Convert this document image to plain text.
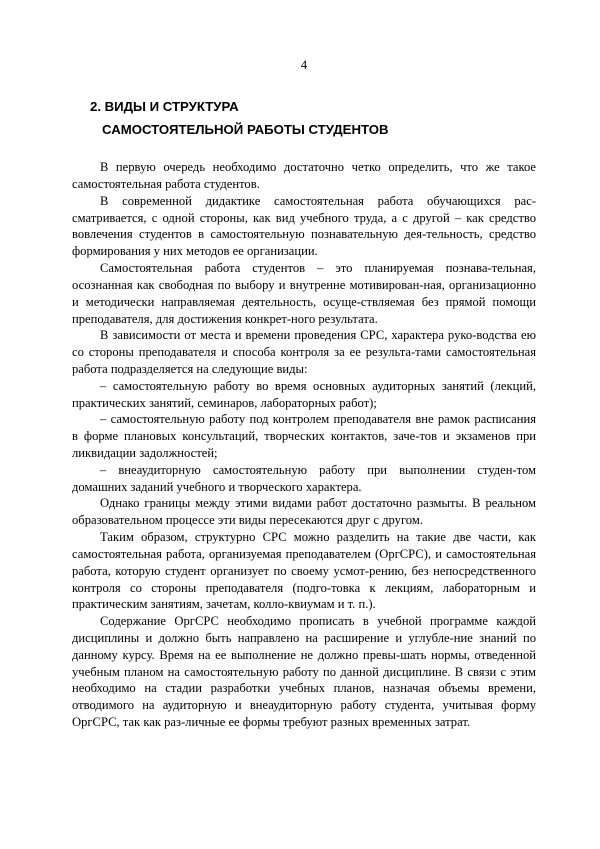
4
2. ВИДЫ И СТРУКТУРА
САМОСТОЯТЕЛЬНОЙ РАБОТЫ СТУДЕНТОВ

В первую очередь необходимо достаточно четко определить, что же такое самостоятельная работа студентов.

В современной дидактике самостоятельная работа обучающихся рас-сматривается, с одной стороны, как вид учебного труда, а с другой – как средство вовлечения студентов в самостоятельную познавательную дея-тельность, средство формирования у них методов ее организации.

Самостоятельная работа студентов – это планируемая познава-тельная, осознанная как свободная по выбору и внутренне мотивирован-ная, организационно и методически направляемая деятельность, осуще-ствляемая без прямой помощи преподавателя, для достижения конкрет-ного результата.

В зависимости от места и времени проведения СРС, характера руко-водства ею со стороны преподавателя и способа контроля за ее результа-тами самостоятельная работа подразделяется на следующие виды:

– самостоятельную работу во время основных аудиторных занятий (лекций, практических занятий, семинаров, лабораторных работ);

– самостоятельную работу под контролем преподавателя вне рамок расписания в форме плановых консультаций, творческих контактов, заче-тов и экзаменов при ликвидации задолжностей;

– внеаудиторную самостоятельную работу при выполнении студен-том домашних заданий учебного и творческого характера.

Однако границы между этими видами работ достаточно размыты. В реальном образовательном процессе эти виды пересекаются друг с другом.

Таким образом, структурно СРС можно разделить на такие две части, как самостоятельная работа, организуемая преподавателем (ОргСРС), и самостоятельная работа, которую студент организует по своему усмот-рению, без непосредственного контроля со стороны преподавателя (подго-товка к лекциям, лабораторным и практическим занятиям, зачетам, колло-квиумам и т. п.).

Содержание ОргСРС необходимо прописать в учебной программе каждой дисциплины и должно быть направлено на расширение и углубле-ние знаний по данному курсу. Время на ее выполнение не должно превы-шать нормы, отведенной учебным планом на самостоятельную работу по данной дисциплине. В связи с этим необходимо на стадии разработки учебных планов, назначая объемы времени, отводимого на аудиторную и внеаудиторную работу студента, учитывая форму ОргСРС, так как раз-личные ее формы требуют разных временных затрат.
